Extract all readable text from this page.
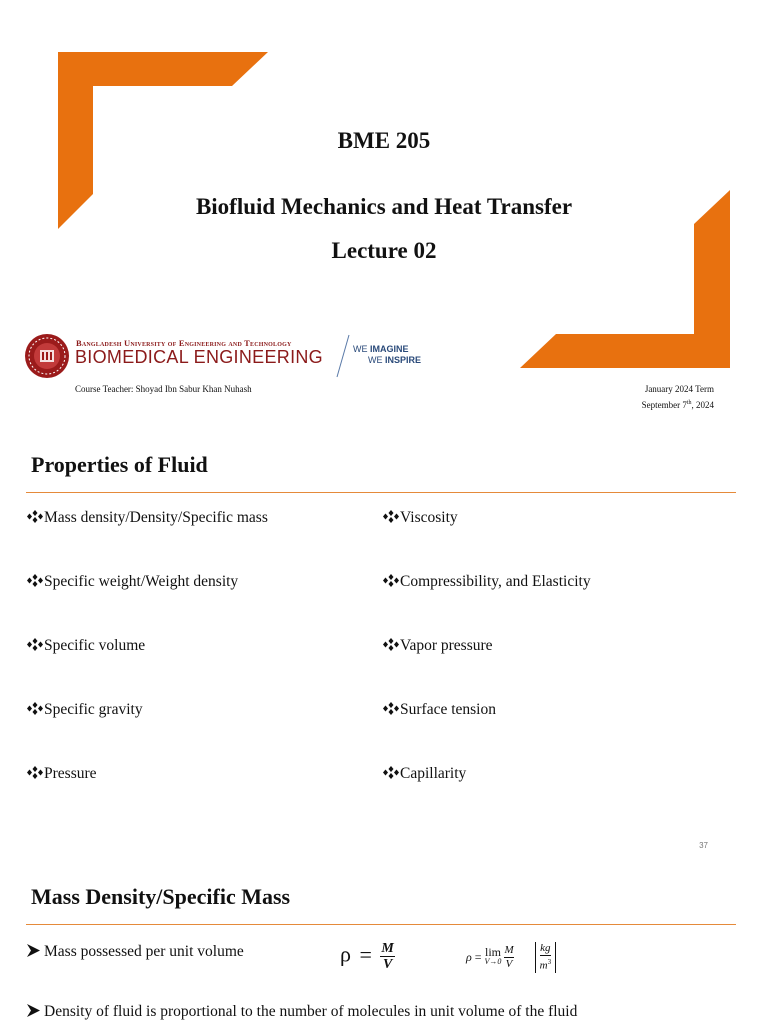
BME 205
Biofluid Mechanics and Heat Transfer
Lecture 02
Bangladesh University of Engineering and Technology
BIOMEDICAL ENGINEERING	WE IMAGINE
WE INSPIRE
Course Teacher: Shoyad Ibn Sabur Khan Nuhash	January 2024 Term
September 7th, 2024
Properties of Fluid
Mass density/Density/Specific mass
Specific weight/Weight density
Specific volume
Specific gravity
Pressure
Viscosity
Compressibility, and Elasticity
Vapor pressure
Surface tension
Capillarity
37
Mass Density/Specific Mass
Mass possessed per unit volume	$\rho = \frac{M}{V}$	ρ = lim
V→0
$\frac{M}{V}$
$\frac{kg}{m^3}$
Density of fluid is proportional to the number of molecules in unit volume of the fluid
